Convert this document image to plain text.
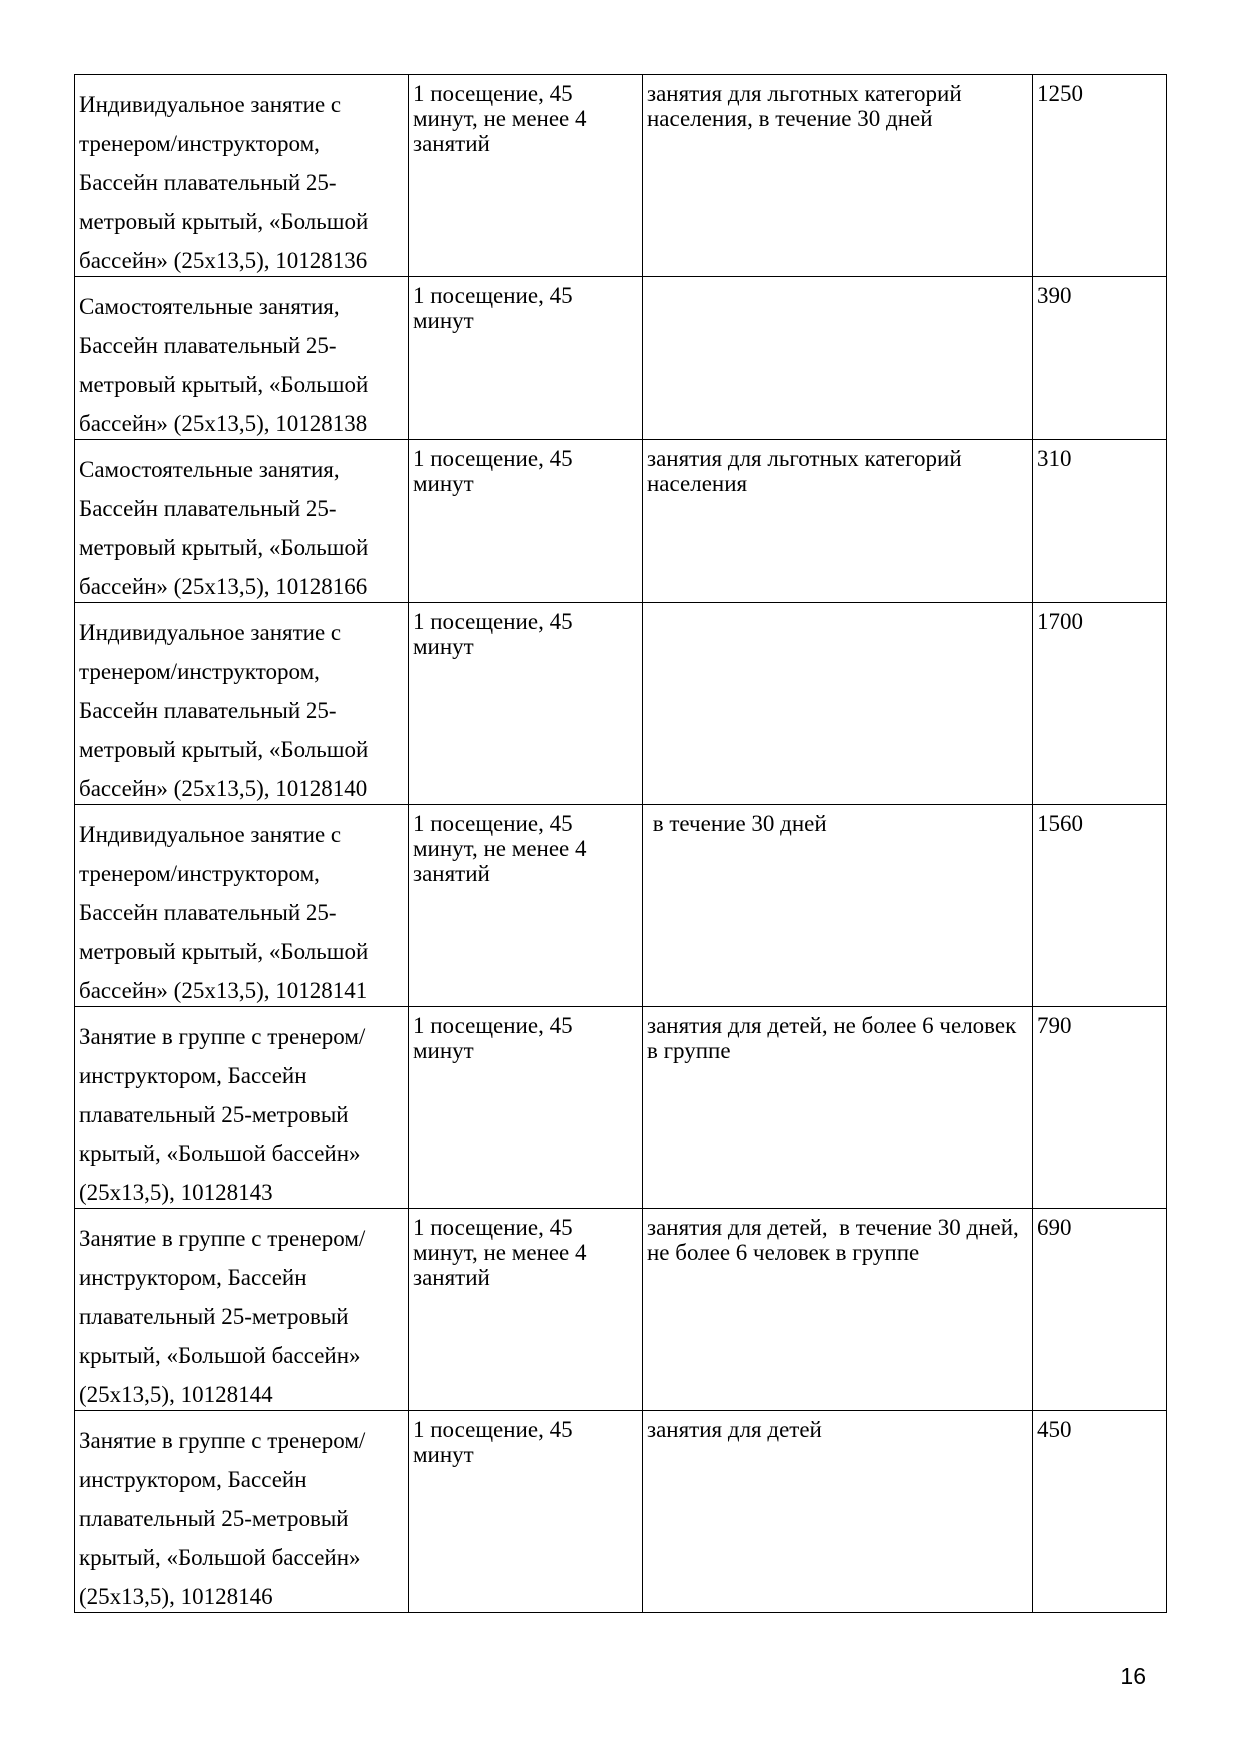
Индивидуальное занятие с тренером/инструктором, Бассейн плавательный 25-метровый крытый, «Большой бассейн» (25х13,5), 10128136	1 посещение, 45 минут, не менее 4 занятий	занятия для льготных категорий населения, в течение 30 дней	1250

Самостоятельные занятия, Бассейн плавательный 25-метровый крытый, «Большой бассейн» (25х13,5), 10128138	1 посещение, 45 минут		390

Самостоятельные занятия, Бассейн плавательный 25-метровый крытый, «Большой бассейн» (25х13,5), 10128166	1 посещение, 45 минут	занятия для льготных категорий населения	310

Индивидуальное занятие с тренером/инструктором, Бассейн плавательный 25-метровый крытый, «Большой бассейн» (25х13,5), 10128140	1 посещение, 45 минут		1700

Индивидуальное занятие с тренером/инструктором, Бассейн плавательный 25-метровый крытый, «Большой бассейн» (25х13,5), 10128141	1 посещение, 45 минут, не менее 4 занятий	в течение 30 дней	1560

Занятие в группе с тренером/инструктором, Бассейн плавательный 25-метровый крытый, «Большой бассейн» (25х13,5), 10128143	1 посещение, 45 минут	занятия для детей, не более 6 человек в группе	790

Занятие в группе с тренером/инструктором, Бассейн плавательный 25-метровый крытый, «Большой бассейн» (25х13,5), 10128144	1 посещение, 45 минут, не менее 4 занятий	занятия для детей,  в течение 30 дней, не более 6 человек в группе	690

Занятие в группе с тренером/инструктором, Бассейн плавательный 25-метровый крытый, «Большой бассейн» (25х13,5), 10128146	1 посещение, 45 минут	занятия для детей	450
16
